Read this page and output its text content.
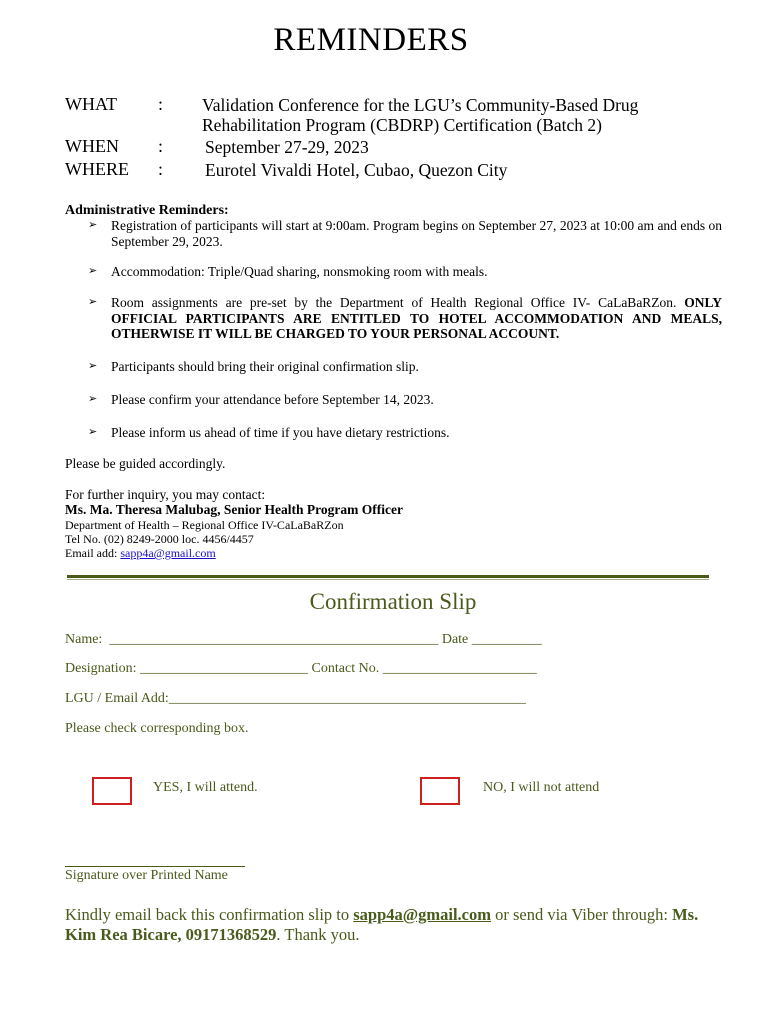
REMINDERS
WHAT : Validation Conference for the LGU’s Community-Based Drug
Rehabilitation Program (CBDRP) Certification (Batch 2)
WHEN : September 27-29, 2023
WHERE : Eurotel Vivaldi Hotel, Cubao, Quezon City
Administrative Reminders:
➢ Registration of participants will start at 9:00am. Program begins on September 27, 2023 at 10:00 am and ends on September 29, 2023.
➢ Accommodation: Triple/Quad sharing, nonsmoking room with meals.
➢ Room assignments are pre-set by the Department of Health Regional Office IV- CaLaBaRZon. ONLY OFFICIAL PARTICIPANTS ARE ENTITLED TO HOTEL ACCOMMODATION AND MEALS, OTHERWISE IT WILL BE CHARGED TO YOUR PERSONAL ACCOUNT.
➢ Participants should bring their original confirmation slip.
➢ Please confirm your attendance before September 14, 2023.
➢ Please inform us ahead of time if you have dietary restrictions.
Please be guided accordingly.
For further inquiry, you may contact:
Ms. Ma. Theresa Malubag, Senior Health Program Officer
Department of Health – Regional Office IV-CaLaBaRZon
Tel No. (02) 8249-2000 loc. 4456/4457
Email add: sapp4a@gmail.com
Confirmation Slip
Name:  _______________________________________________ Date __________
Designation: ________________________ Contact No. ______________________
LGU / Email Add:___________________________________________________
Please check corresponding box.
YES, I will attend.	NO, I will not attend
Signature over Printed Name
Kindly email back this confirmation slip to sapp4a@gmail.com or send via Viber through: Ms. Kim Rea Bicare, 09171368529. Thank you.
